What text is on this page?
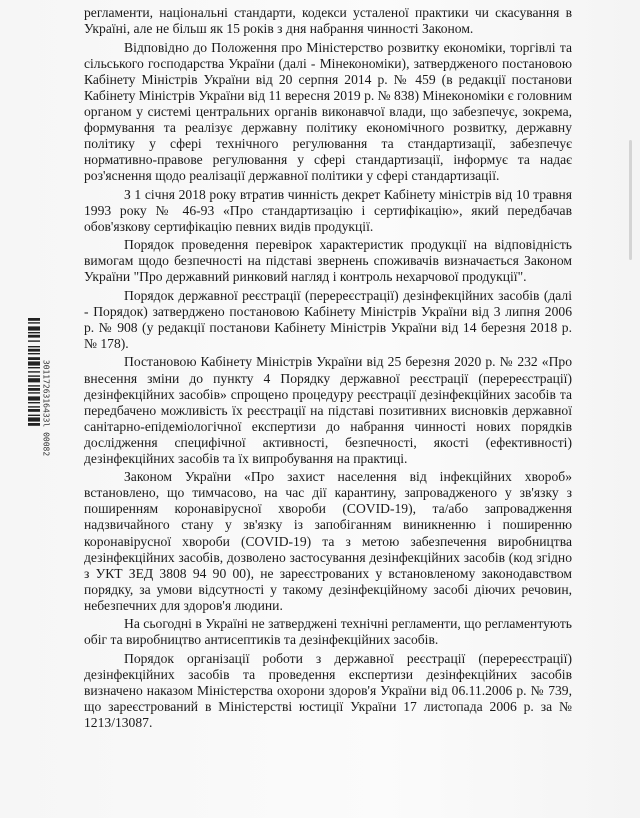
3011726316433l 00082

регламенти, національні стандарти, кодекси усталеної практики чи скасування в Україні, але не більш як 15 років з дня набрання чинності Законом.

Відповідно до Положення про Міністерство розвитку економіки, торгівлі та сільського господарства України (далі - Мінекономіки), затвердженого постановою Кабінету Міністрів України від 20 серпня 2014 р. № 459 (в редакції постанови Кабінету Міністрів України від 11 вересня 2019 р. № 838) Мінекономіки є головним органом у системі центральних органів виконавчої влади, що забезпечує, зокрема, формування та реалізує державну політику економічного розвитку, державну політику у сфері технічного регулювання та стандартизації, забезпечує нормативно-правове регулювання у сфері стандартизації, інформує та надає роз'яснення щодо реалізації державної політики у сфері стандартизації.

З 1 січня 2018 року втратив чинність декрет Кабінету міністрів від 10 травня 1993 року № 46-93 «Про стандартизацію і сертифікацію», який передбачав обов'язкову сертифікацію певних видів продукції.

Порядок проведення перевірок характеристик продукції на відповідність вимогам щодо безпечності на підставі звернень споживачів визначається Законом України "Про державний ринковий нагляд і контроль нехарчової продукції".

Порядок державної реєстрації (перереєстрації) дезінфекційних засобів (далі - Порядок) затверджено постановою Кабінету Міністрів України від 3 липня 2006 р. № 908 (у редакції постанови Кабінету Міністрів України від 14 березня 2018 р. № 178).

Постановою Кабінету Міністрів України від 25 березня 2020 р. № 232 «Про внесення зміни до пункту 4 Порядку державної реєстрації (перереєстрації) дезінфекційних засобів» спрощено процедуру реєстрації дезінфекційних засобів та передбачено можливість їх реєстрації на підставі позитивних висновків державної санітарно-епідеміологічної експертизи до набрання чинності нових порядків дослідження специфічної активності, безпечності, якості (ефективності) дезінфекційних засобів та їх випробування на практиці.

Законом України «Про захист населення від інфекційних хвороб» встановлено, що тимчасово, на час дії карантину, запровадженого у зв'язку з поширенням коронавірусної хвороби (COVID-19), та/або запровадження надзвичайного стану у зв'язку із запобіганням виникненню і поширенню коронавірусної хвороби (COVID-19) та з метою забезпечення виробництва дезінфекційних засобів, дозволено застосування дезінфекційних засобів (код згідно з УКТ ЗЕД 3808 94 90 00), не зареєстрованих у встановленому законодавством порядку, за умови відсутності у такому дезінфекційному засобі діючих речовин, небезпечних для здоров'я людини.

На сьогодні в Україні не затверджені технічні регламенти, що регламентують обіг та виробництво антисептиків та дезінфекційних засобів.

Порядок організації роботи з державної реєстрації (перереєстрації) дезінфекційних засобів та проведення експертизи дезінфекційних засобів визначено наказом Міністерства охорони здоров'я України від 06.11.2006 р. № 739, що зареєстрований в Міністерстві юстиції України 17 листопада 2006 р. за № 1213/13087.
